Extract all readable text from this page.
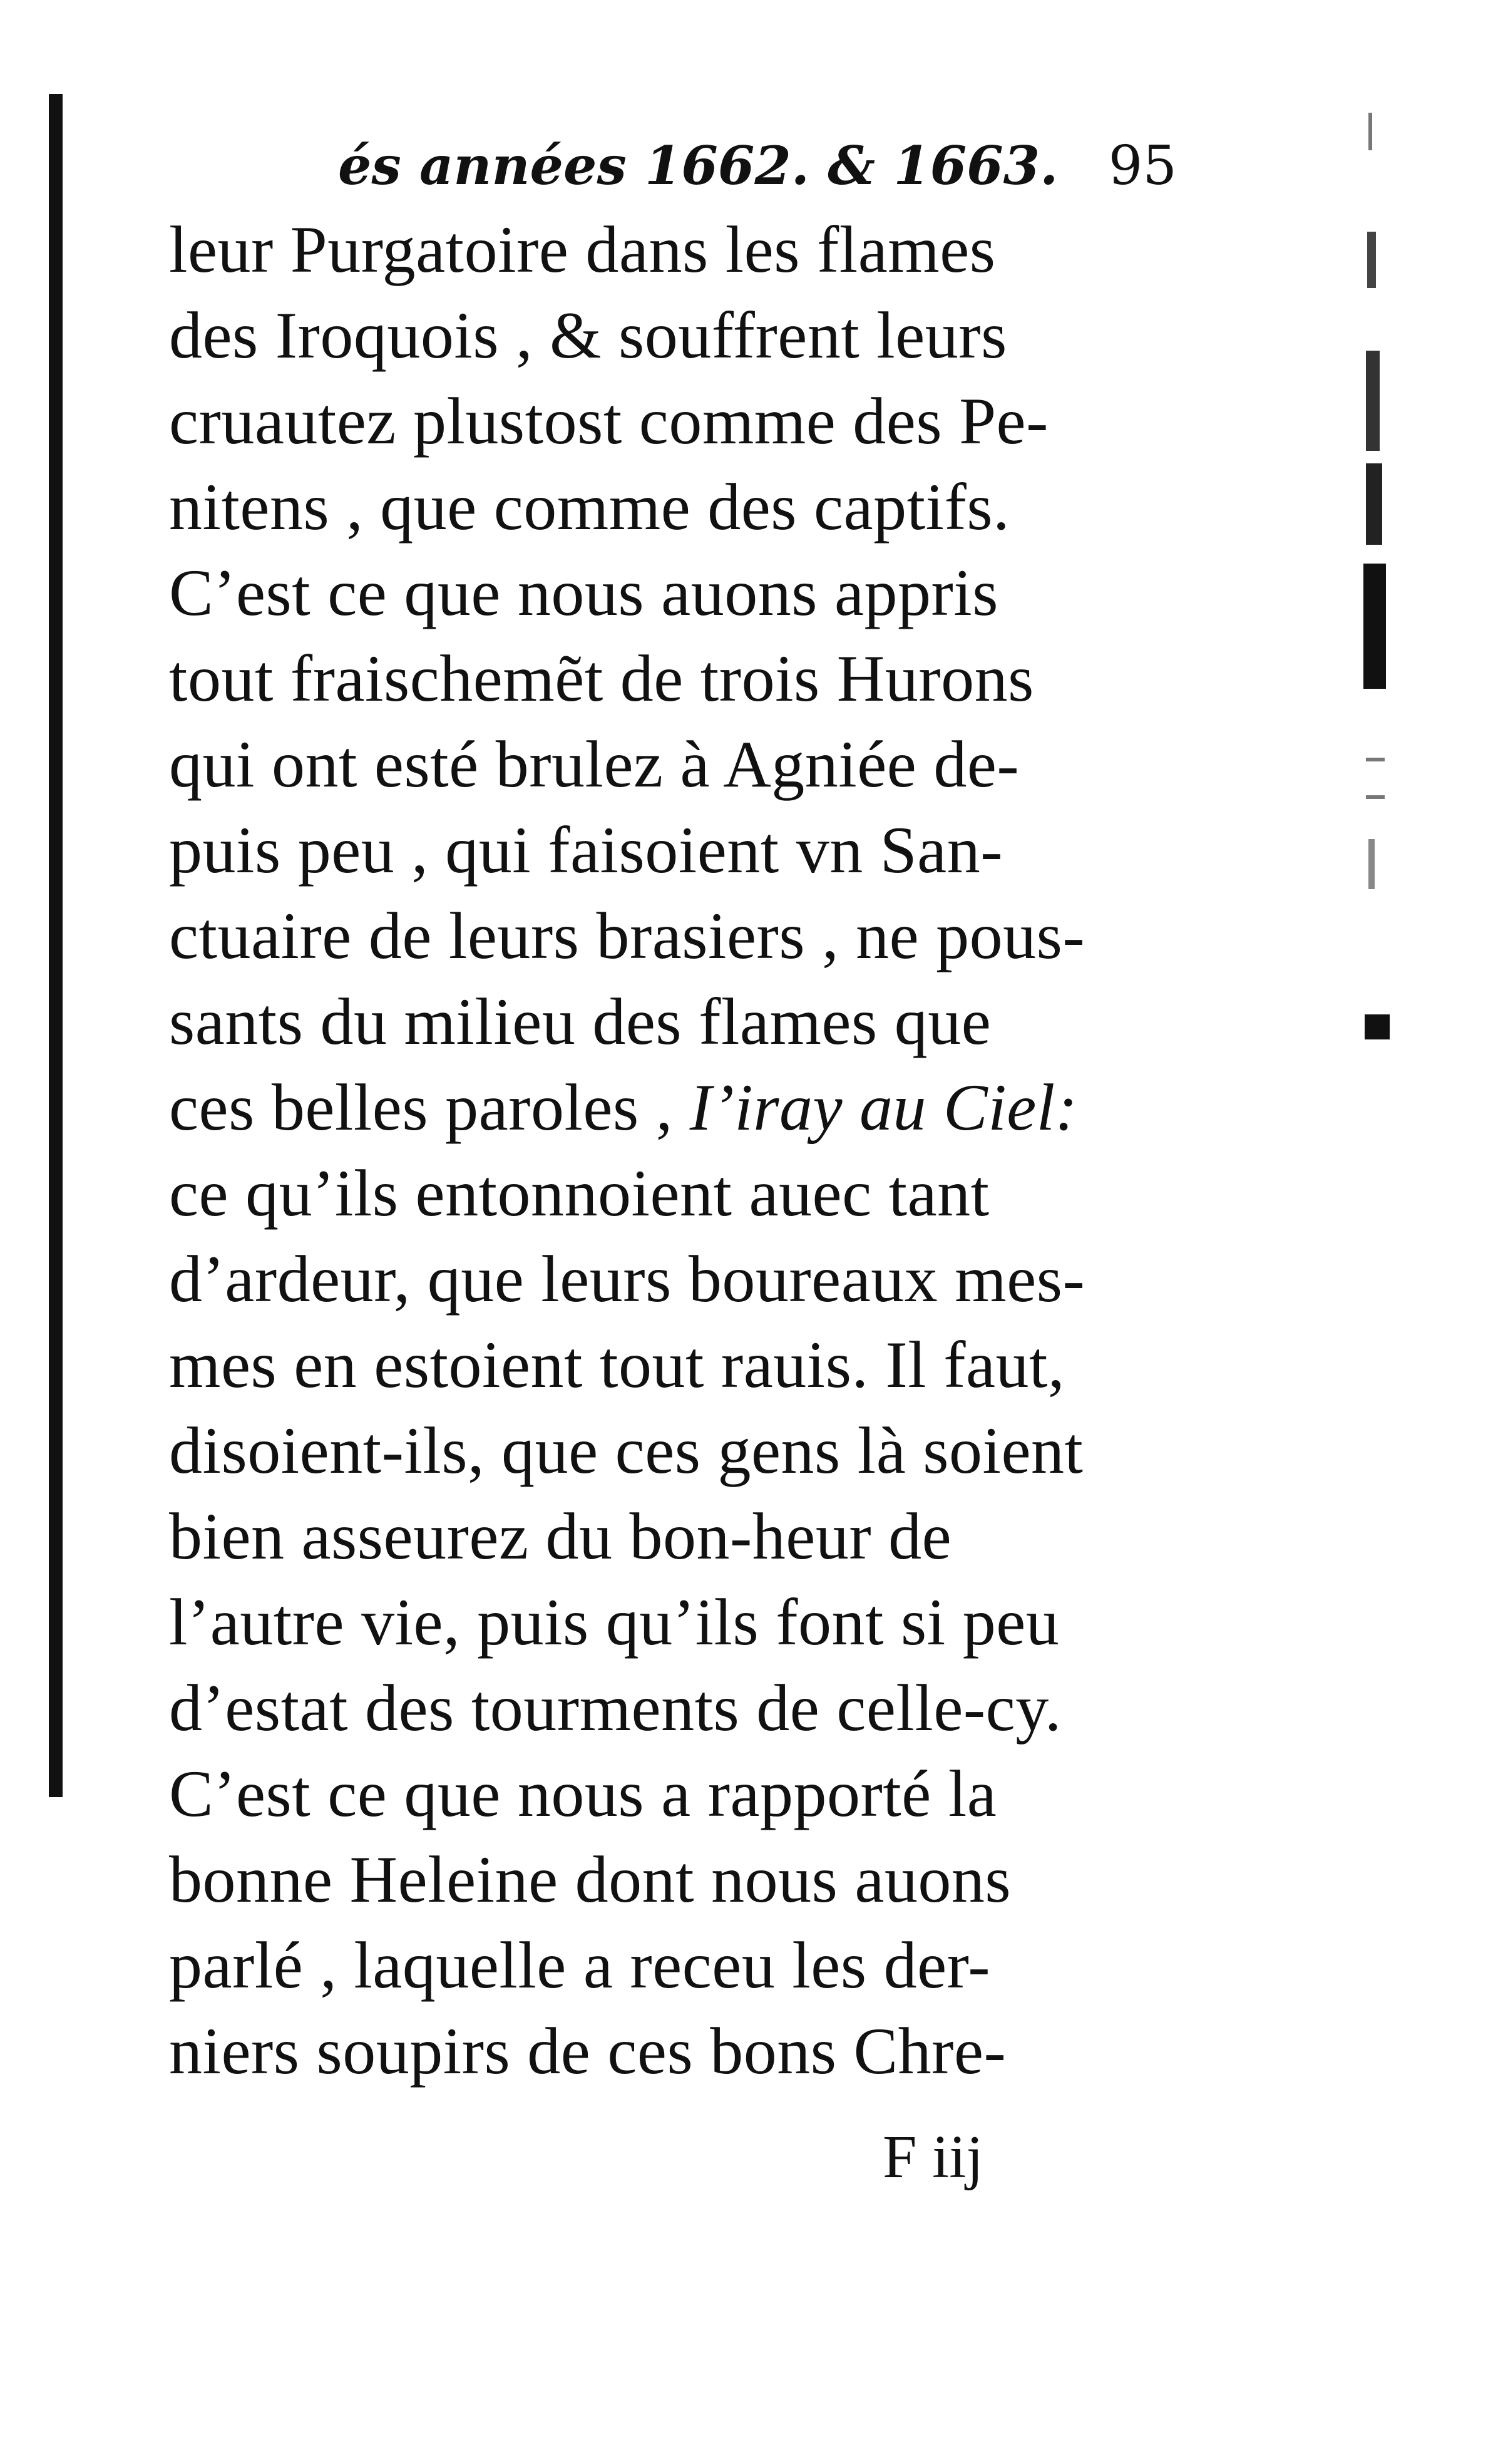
és années 1662. & 1663. 95
leur Purgatoire dans les flames
des Iroquois , & souffrent leurs
cruautez plustost comme des Pe-
nitens , que comme des captifs.
C’est ce que nous auons appris
tout fraischemẽt de trois Hurons
qui ont esté brulez à Agniée de-
puis peu , qui faisoient vn San-
ctuaire de leurs brasiers , ne pous-
sants du milieu des flames que
ces belles paroles , I’iray au Ciel:
ce qu’ils entonnoient auec tant
d’ardeur, que leurs boureaux mes-
mes en estoient tout rauis. Il faut,
disoient-ils, que ces gens là soient
bien asseurez du bon-heur de
l’autre vie, puis qu’ils font si peu
d’estat des tourments de celle-cy.
C’est ce que nous a rapporté la
bonne Heleine dont nous auons
parlé , laquelle a receu les der-
niers soupirs de ces bons Chre-
F iij
